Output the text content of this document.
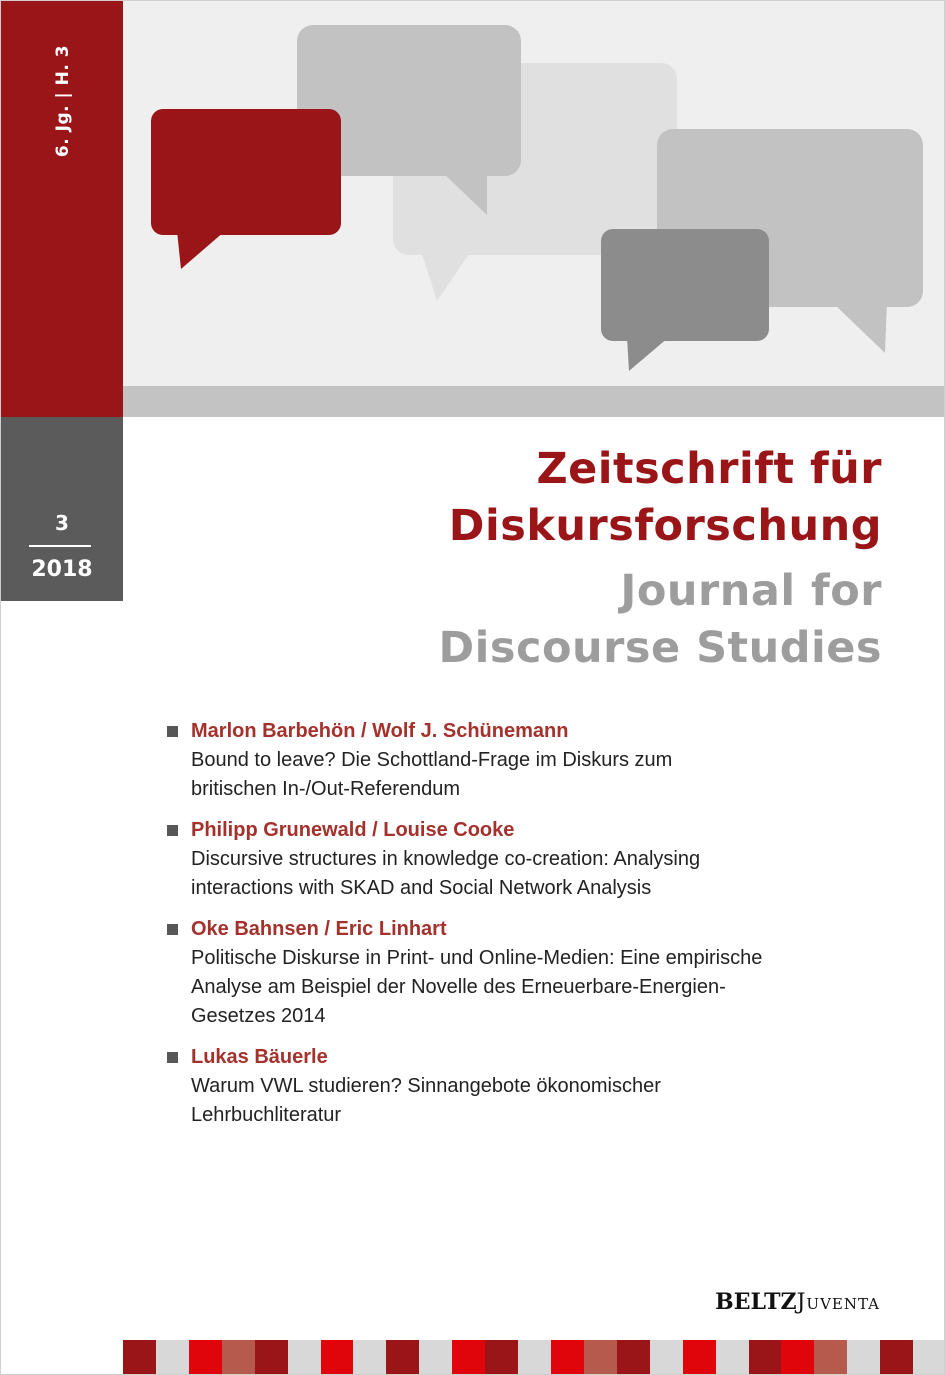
6. Jg. | H. 3
3
2018
Zeitschrift für
Diskursforschung
Journal for
Discourse Studies
Marlon Barbehön / Wolf J. Schünemann
Bound to leave? Die Schottland-Frage im Diskurs zum
britischen In-/Out-Referendum
Philipp Grunewald / Louise Cooke
Discursive structures in knowledge co-creation: Analysing
interactions with SKAD and Social Network Analysis
Oke Bahnsen / Eric Linhart
Politische Diskurse in Print- und Online-Medien: Eine empirische
Analyse am Beispiel der Novelle des Erneuerbare-Energien-
Gesetzes 2014
Lukas Bäuerle
Warum VWL studieren? Sinnangebote ökonomischer
Lehrbuchliteratur
BELTZJuventa
